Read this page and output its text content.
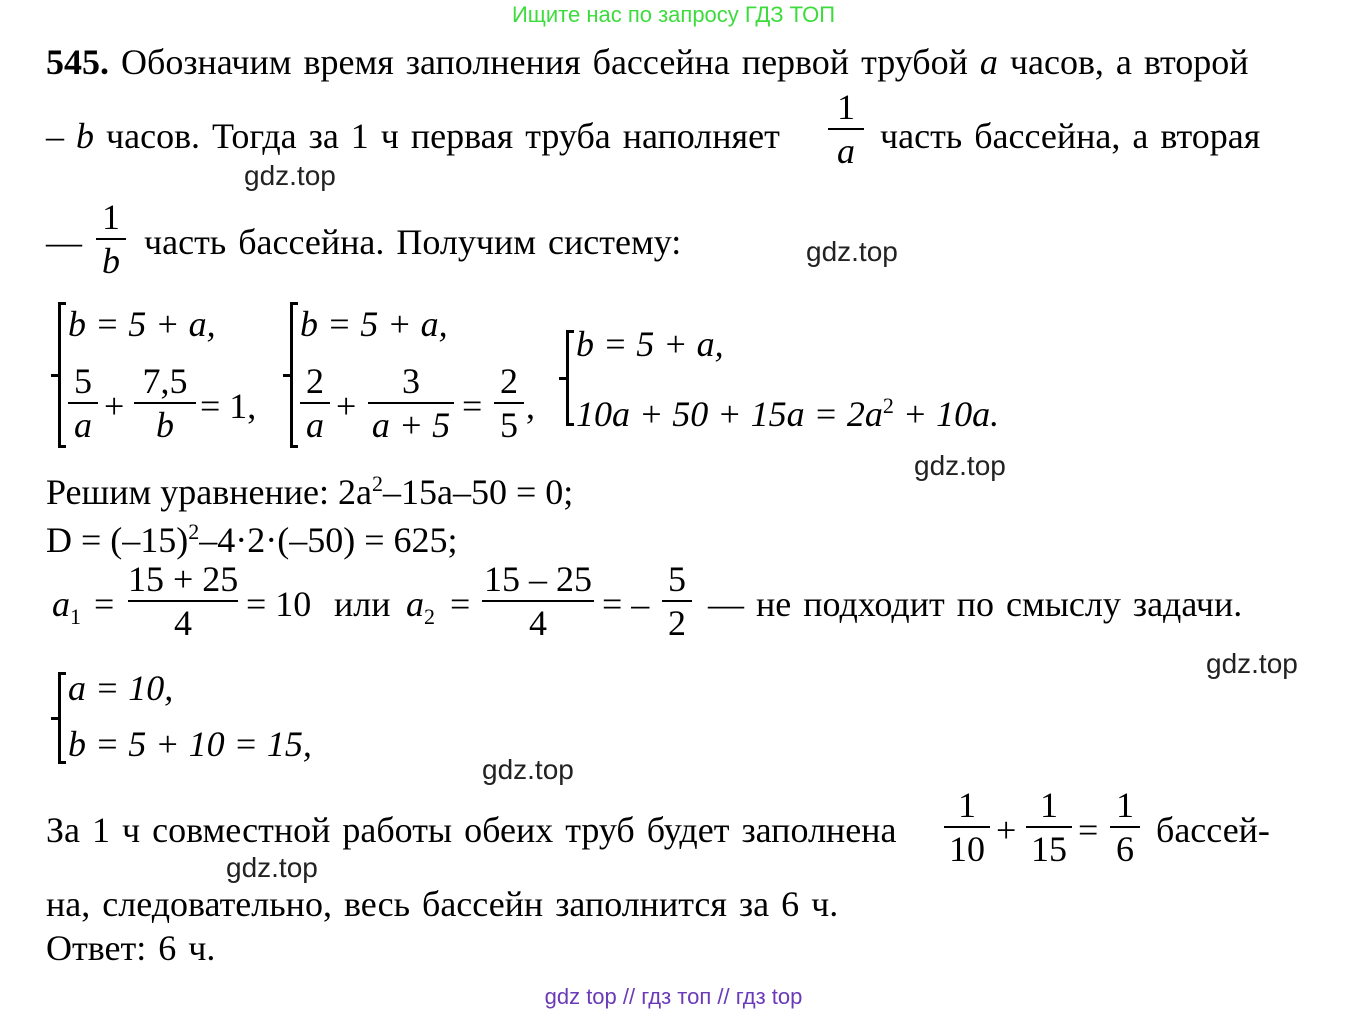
Ищите нас по запросу ГДЗ ТОП
545. Обозначим время заполнения бассейна первой трубой a часов, а второй
– b часов. Тогда за 1 ч первая труба наполняет
1
a часть бассейна, а вторая
—
1
b часть бассейна. Получим систему:
b = 5 + a,
5
a +
7,5
b = 1,
b = 5 + a,
2
a +
3
a + 5 =
2
5 ,
b = 5 + a,
$10a + 50 + 15a = 2a^2 + 10a$.
Решим уравнение: $2a^2-15a-50 = 0$;
$D = (-15)^2-4\cdot 2\cdot(-50) = 625$;
$a_1$ =
15 + 25
4	= 10 или $a_2$ =
15 – 25
4	= –
5
2 — не подходит по смыслу задачи.
a = 10,
b = 5 + 10 = 15,
За 1 ч совместной работы обеих труб будет заполнена
1
10 +
1
15 =
1
6 бассей-
на, следовательно, весь бассейн заполнится за 6 ч.
Ответ: 6 ч.
gdz.top
gdz.top
gdz.top
gdz.top
gdz.top
gdz.top
gdz top // гдз топ // гдз top
